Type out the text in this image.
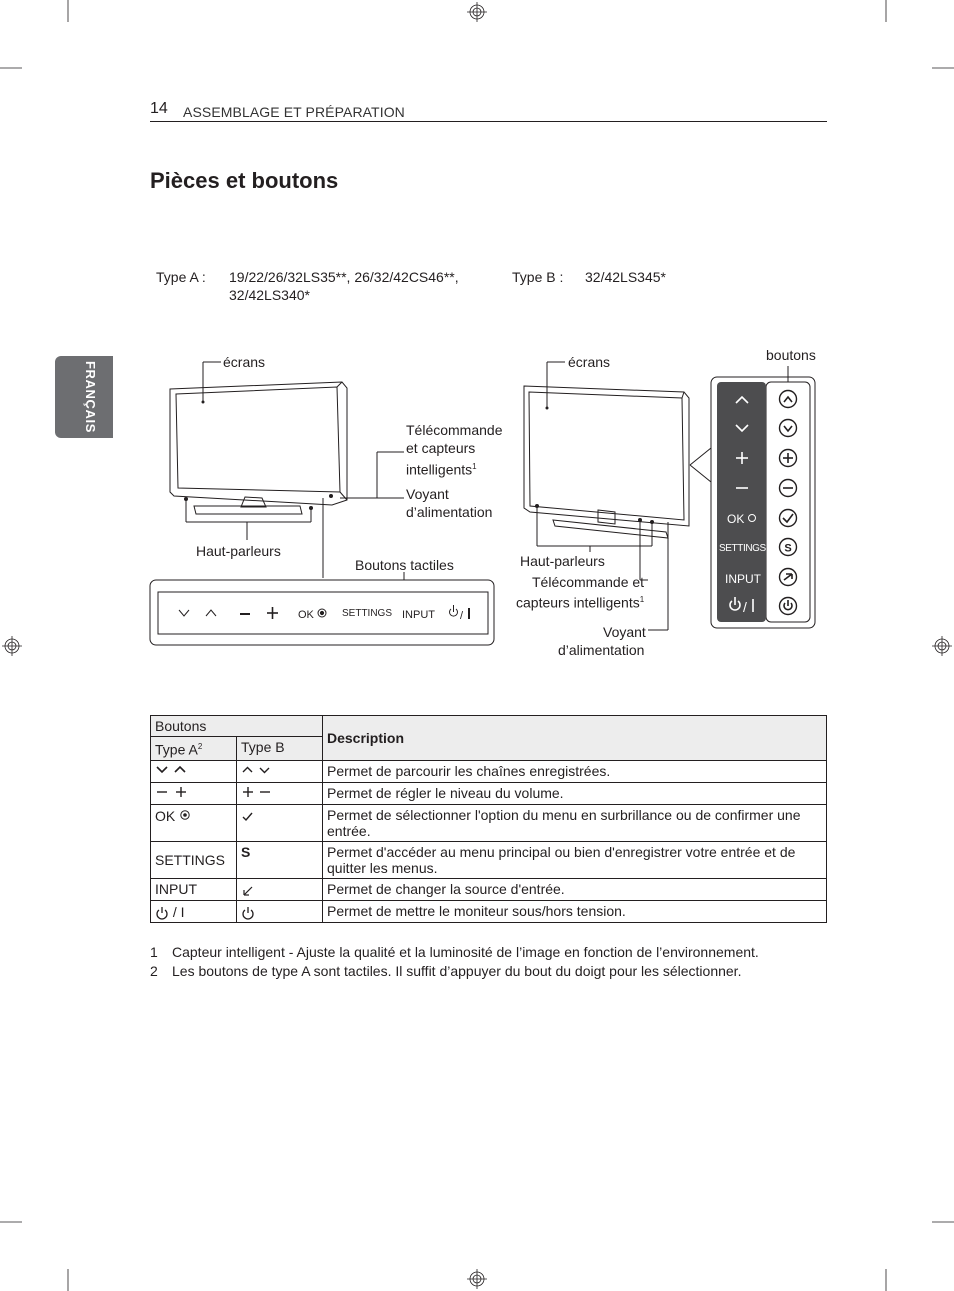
14 ASSEMBLAGE ET PRÉPARATION
FRANÇAIS
Pièces et boutons
Type A : 19/22/26/32LS35**, 26/32/42CS46**,
32/42LS340*
Type B : 32/42LS345*
/
écrans
Télécommande
et capteurs
intelligents$^1$
Voyant
d’alimentation
Haut-parleurs
Boutons tactiles
OK	SETTINGS INPUT	/
S
écrans	boutons
Haut-parleurs
Télécommande et
capteurs intelligents$^1$
Voyant
d’alimentation
OK
SETTINGS
INPUT
Boutons		Description
Type $A^2$	Type B	
		Permet de parcourir les chaînes enregistrées.
		Permet de régler le niveau du volume.
OK		Permet de sélectionner l'option du menu en surbrillance ou de confirmer une entrée.
SETTINGS	S	Permet d'accéder au menu principal ou bien d'enregistrer votre entrée et de quitter les menus.
INPUT		Permet de changer la source d'entrée.
/ I		Permet de mettre le moniteur sous/hors tension.
1 Capteur intelligent - Ajuste la qualité et la luminosité de l’image en fonction de l’environnement.
2 Les boutons de type A sont tactiles. Il suffit d’appuyer du bout du doigt pour les sélectionner.
